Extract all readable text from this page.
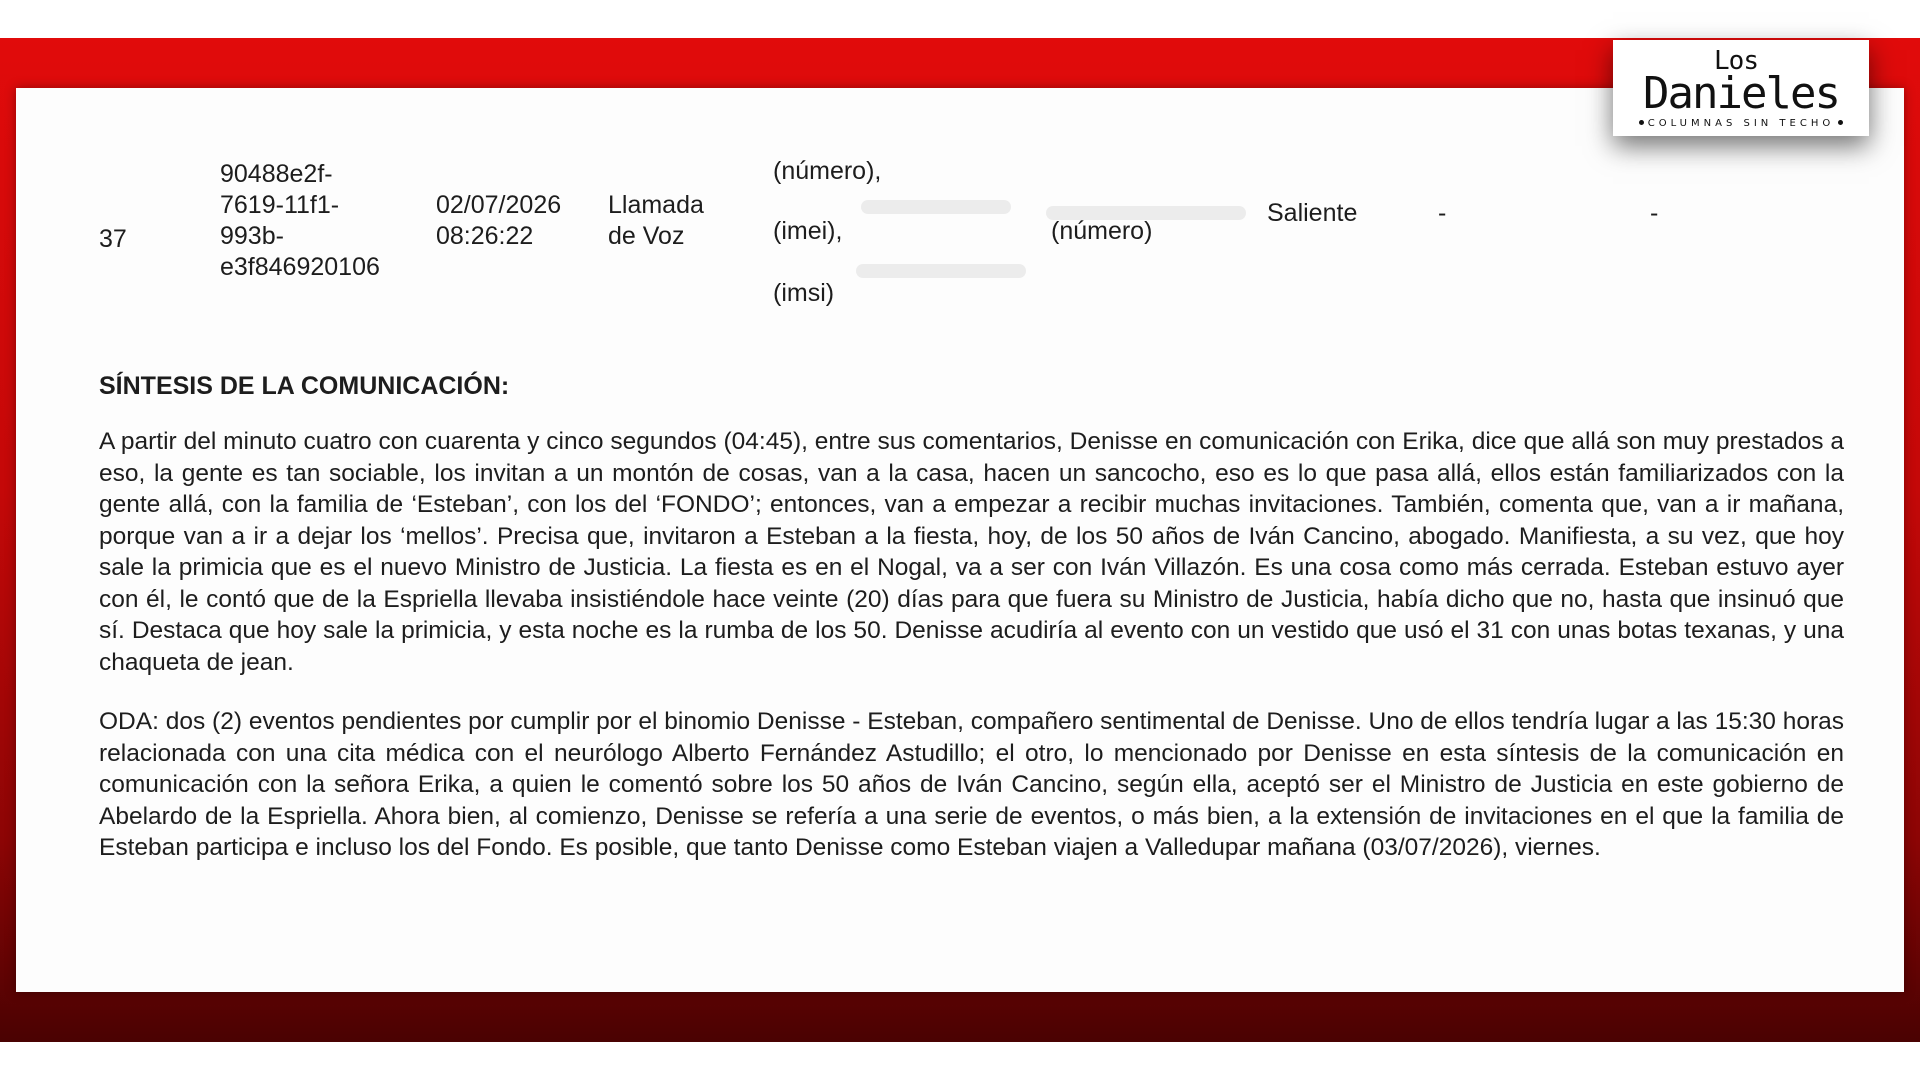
37
90488e2f-
7619-11f1-
993b-
e3f846920106
02/07/2026
08:26:22
Llamada
de Voz
(número),
(imei),
(imsi)
(número)
Saliente	-	-
SÍNTESIS DE LA COMUNICACIÓN:
A partir del minuto cuatro con cuarenta y cinco segundos (04:45), entre sus comentarios, Denisse en comunicación con Erika, dice que allá son muy prestados a eso, la gente es tan sociable, los invitan a un montón de cosas, van a la casa, hacen un sancocho, eso es lo que pasa allá, ellos están familiarizados con la gente allá, con la familia de ‘Esteban’, con los del ‘FONDO’; entonces, van a empezar a recibir muchas invitaciones. También, comenta que, van a ir mañana, porque van a ir a dejar los ‘mellos’. Precisa que, invitaron a Esteban a la fiesta, hoy, de los 50 años de Iván Cancino, abogado. Manifiesta, a su vez, que hoy sale la primicia que es el nuevo Ministro de Justicia. La fiesta es en el Nogal, va a ser con Iván Villazón. Es una cosa como más cerrada. Esteban estuvo ayer con él, le contó que de la Espriella llevaba insistiéndole hace veinte (20) días para que fuera su Ministro de Justicia, había dicho que no, hasta que insinuó que sí. Destaca que hoy sale la primicia, y esta noche es la rumba de los 50. Denisse acudiría al evento con un vestido que usó el 31 con unas botas texanas, y una chaqueta de jean.
ODA: dos (2) eventos pendientes por cumplir por el binomio Denisse - Esteban, compañero sentimental de Denisse. Uno de ellos tendría lugar a las 15:30 horas relacionada con una cita médica con el neurólogo Alberto Fernández Astudillo; el otro, lo mencionado por Denisse en esta síntesis de la comunicación en comunicación con la señora Erika, a quien le comentó sobre los 50 años de Iván Cancino, según ella, aceptó ser el Ministro de Justicia en este gobierno de Abelardo de la Espriella. Ahora bien, al comienzo, Denisse se refería a una serie de eventos, o más bien, a la extensión de invitaciones en el que la familia de Esteban participa e incluso los del Fondo. Es posible, que tanto Denisse como Esteban viajen a Valledupar mañana (03/07/2026), viernes.
Los
Danieles
COLUMNAS SIN TECHO
